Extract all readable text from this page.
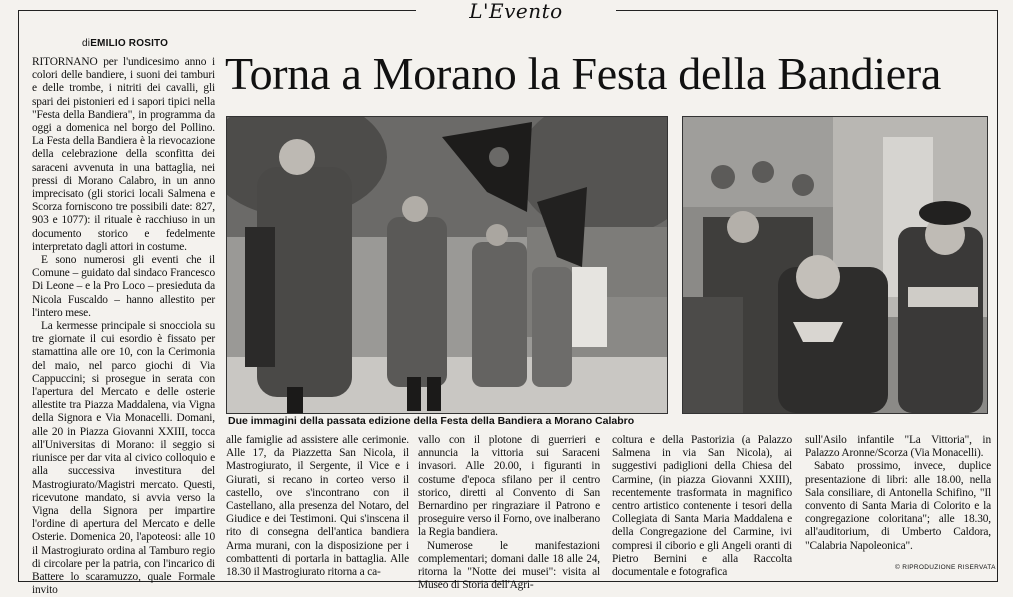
L'Evento
diEMILIO ROSITO
Torna a Morano la Festa della Bandiera

RITORNANO per l'undicesimo anno i colori delle bandiere, i suoni dei tamburi e delle trombe, i nitriti dei cavalli, gli spari dei pistonieri ed i sapori tipici nella "Festa della Bandiera", in programma da oggi a domenica nel borgo del Pollino. La Festa della Bandiera è la rievocazione della celebrazione della sconfitta dei saraceni avvenuta in una battaglia, nei pressi di Morano Calabro, in un anno imprecisato (gli storici locali Salmena e Scorza forniscono tre possibili date: 827, 903 e 1077): il rituale è racchiuso in un documento storico e fedelmente interpretato dagli attori in costume.

E sono numerosi gli eventi che il Comune – guidato dal sindaco Francesco Di Leone – e la Pro Loco – presieduta da Nicola Fuscaldo – hanno allestito per l'intero mese.

La kermesse principale si snocciola su tre giornate il cui esordio è fissato per stamattina alle ore 10, con la Cerimonia del maio, nel parco giochi di Via Cappuccini; si prosegue in serata con l'apertura del Mercato e delle osterie allestite tra Piazza Maddalena, via Vigna della Signora e Via Monacelli. Domani, alle 20 in Piazza Giovanni XXIII, tocca all'Universitas di Morano: il seggio si riunisce per dar vita al civico colloquio e alla successiva investitura del Mastrogiurato/Magistri mercato. Questi, ricevutone mandato, si avvia verso la Vigna della Signora per impartire l'ordine di apertura del Mercato e delle Osterie. Domenica 20, l'apoteosi: alle 10 il Mastrogiurato ordina al Tamburo regio di circolare per la patria, con l'incarico di Battere lo scaramuzzo, quale Formale invito

Due immagini della passata edizione della Festa della Bandiera a Morano Calabro

alle famiglie ad assistere alle cerimonie. Alle 17, da Piazzetta San Nicola, il Mastrogiurato, il Sergente, il Vice e i Giurati, si recano in corteo verso il castello, ove s'incontrano con il Castellano, alla presenza del Notaro, del Giudice e dei Testimoni. Qui s'inscena il rito di consegna dell'antica bandiera Arma murani, con la disposizione per i combattenti di portarla in battaglia. Alle 18.30 il Mastrogiurato ritorna a ca-

vallo con il plotone di guerrieri e annuncia la vittoria sui Saraceni invasori. Alle 20.00, i figuranti in costume d'epoca sfilano per il centro storico, diretti al Convento di San Bernardino per ringraziare il Patrono e proseguire verso il Forno, ove inalberano la Regia bandiera.

Numerose le manifestazioni complementari; domani dalle 18 alle 24, ritorna la "Notte dei musei": visita al Museo di Storia dell'Agri-

coltura e della Pastorizia (a Palazzo Salmena in via San Nicola), ai suggestivi padiglioni della Chiesa del Carmine, (in piazza Giovanni XXIII), recentemente trasformata in magnifico centro artistico contenente i tesori della Collegiata di Santa Maria Maddalena e della Congregazione del Carmine, ivi compresi il ciborio e gli Angeli oranti di Pietro Bernini e alla Raccolta documentale e fotografica

sull'Asilo infantile "La Vittoria", in Palazzo Aronne/Scorza (Via Monacelli).

Sabato prossimo, invece, duplice presentazione di libri: alle 18.00, nella Sala consiliare, di Antonella Schifino, "Il convento di Santa Maria di Colorito e la congregazione coloritana"; alle 18.30, all'auditorium, di Umberto Caldora, "Calabria Napoleonica".

© RIPRODUZIONE RISERVATA
